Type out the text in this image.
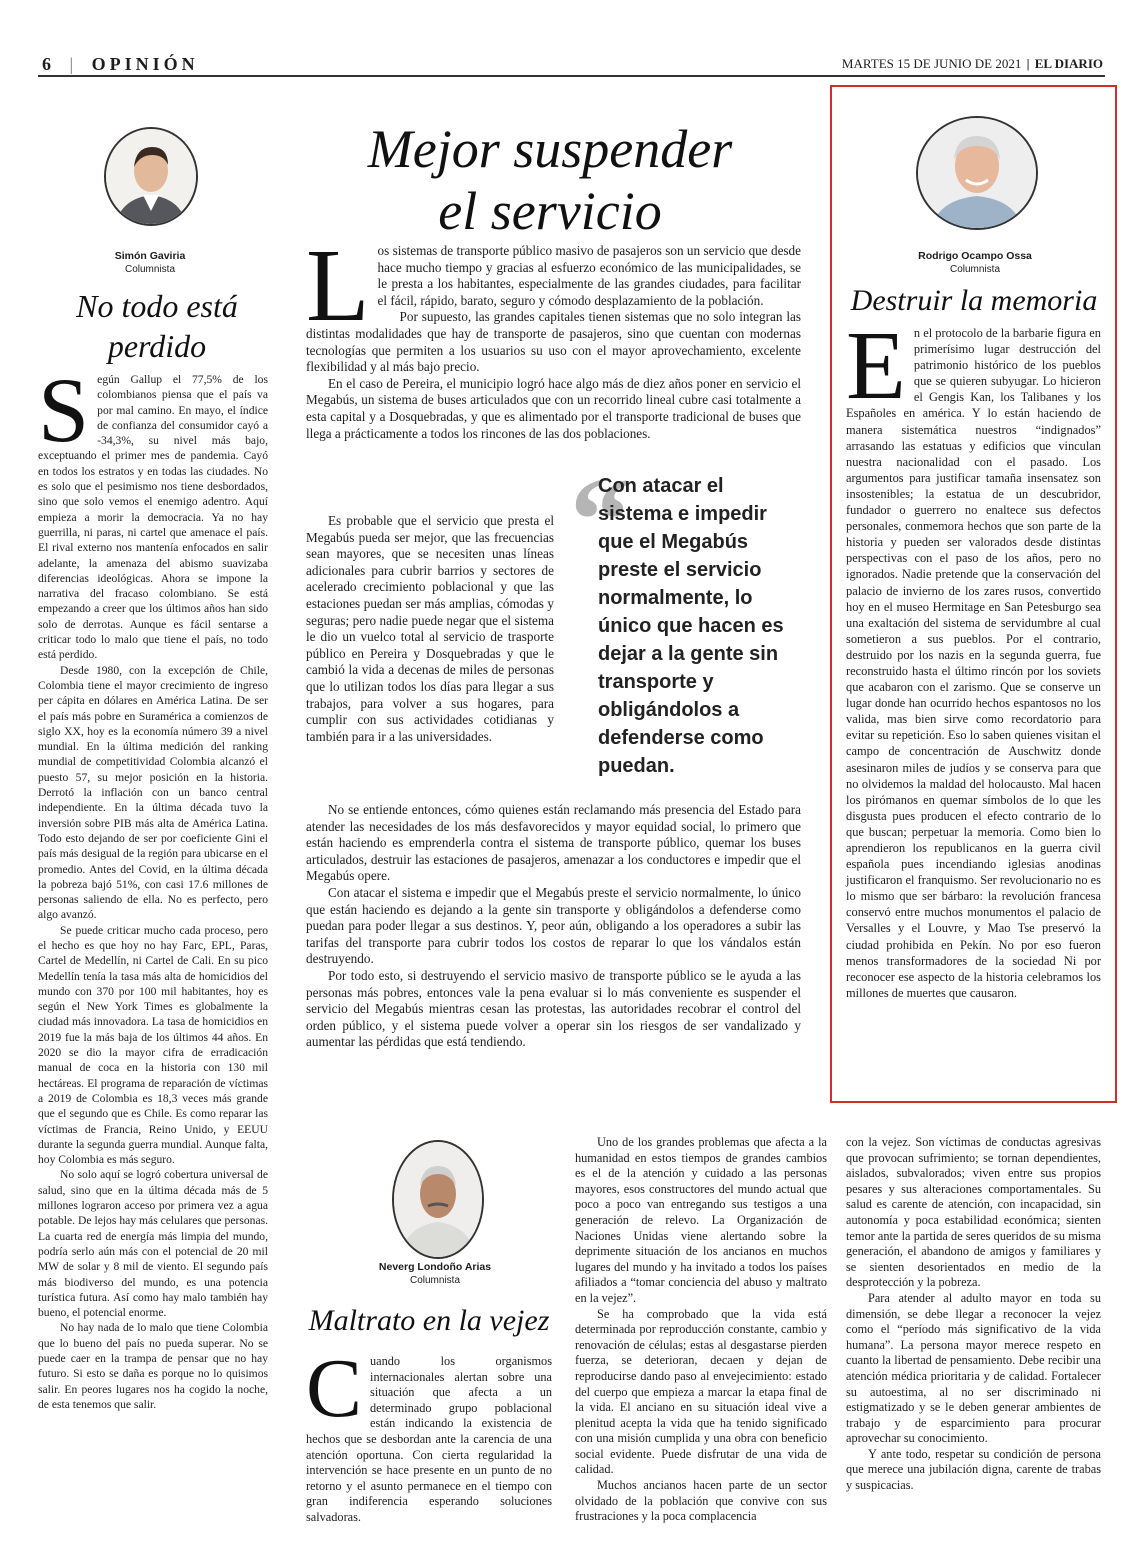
6 | OPINIÓN	MARTES 15 DE JUNIO DE 2021 | EL DIARIO
Simón Gaviria
Columnista
No todo está perdido

Según Gallup el 77,5% de los colombianos piensa que el país va por mal camino. En mayo, el índice de confianza del consumidor cayó a -34,3%, su nivel más bajo, exceptuando el primer mes de pandemia. Cayó en todos los estratos y en todas las ciudades. No es solo que el pesimismo nos tiene desbordados, sino que solo vemos el enemigo adentro. Aquí empieza a morir la democracia. Ya no hay guerrilla, ni paras, ni cartel que amenace el país. El rival externo nos mantenía enfocados en salir adelante, la amenaza del abismo suavizaba diferencias ideológicas. Ahora se impone la narrativa del fracaso colombiano. Se está empezando a creer que los últimos años han sido solo de derrotas. Aunque es fácil sentarse a criticar todo lo malo que tiene el país, no todo está perdido.

Desde 1980, con la excepción de Chile, Colombia tiene el mayor crecimiento de ingreso per cápita en dólares en América Latina. De ser el país más pobre en Suramérica a comienzos de siglo XX, hoy es la economía número 39 a nivel mundial. En la última medición del ranking mundial de competitividad Colombia alcanzó el puesto 57, su mejor posición en la historia. Derrotó la inflación con un banco central independiente. En la última década tuvo la inversión sobre PIB más alta de América Latina. Todo esto dejando de ser por coeficiente Gini el país más desigual de la región para ubicarse en el promedio. Antes del Covid, en la última década la pobreza bajó 51%, con casi 17.6 millones de personas saliendo de ella. No es perfecto, pero algo avanzó.

Se puede criticar mucho cada proceso, pero el hecho es que hoy no hay Farc, EPL, Paras, Cartel de Medellín, ni Cartel de Cali. En su pico Medellín tenía la tasa más alta de homicidios del mundo con 370 por 100 mil habitantes, hoy es según el New York Times es globalmente la ciudad más innovadora. La tasa de homicidios en 2019 fue la más baja de los últimos 44 años. En 2020 se dio la mayor cifra de erradicación manual de coca en la historia con 130 mil hectáreas. El programa de reparación de víctimas a 2019 de Colombia es 18,3 veces más grande que el segundo que es Chile. Es como reparar las víctimas de Francia, Reino Unido, y EEUU durante la segunda guerra mundial. Aunque falta, hoy Colombia es más seguro.

No solo aquí se logró cobertura universal de salud, sino que en la última década más de 5 millones lograron acceso por primera vez a agua potable. De lejos hay más celulares que personas. La cuarta red de energía más limpia del mundo, podría serlo aún más con el potencial de 20 mil MW de solar y 8 mil de viento. El segundo país más biodiverso del mundo, es una potencia turística futura. Así como hay malo también hay bueno, el potencial enorme.

No hay nada de lo malo que tiene Colombia que lo bueno del país no pueda superar. No se puede caer en la trampa de pensar que no hay futuro. Si esto se daña es porque no lo quisimos salir. En peores lugares nos ha cogido la noche, de esta tenemos que salir.

Mejor suspender
el servicio

Los sistemas de transporte público masivo de pasajeros son un servicio que desde hace mucho tiempo y gracias al esfuerzo económico de las municipalidades, se le presta a los habitantes, especialmente de las grandes ciudades, para facilitar el fácil, rápido, barato, seguro y cómodo desplazamiento de la población.

Por supuesto, las grandes capitales tienen sistemas que no solo integran las distintas modalidades que hay de transporte de pasajeros, sino que cuentan con modernas tecnologías que permiten a los usuarios su uso con el mayor aprovechamiento, excelente flexibilidad y al más bajo precio.

En el caso de Pereira, el municipio logró hace algo más de diez años poner en servicio el Megabús, un sistema de buses articulados que con un recorrido lineal cubre casi totalmente a esta capital y a Dosquebradas, y que es alimentado por el transporte tradicional de buses que llega a prácticamente a todos los rincones de las dos poblaciones.

Es probable que el servicio que presta el Megabús pueda ser mejor, que las frecuencias sean mayores, que se necesiten unas líneas adicionales para cubrir barrios y sectores de acelerado crecimiento poblacional y que las estaciones puedan ser más amplias, cómodas y seguras; pero nadie puede negar que el sistema le dio un vuelco total al servicio de trasporte público en Pereira y Dosquebradas y que le cambió la vida a decenas de miles de personas que lo utilizan todos los días para llegar a sus trabajos, para volver a sus hogares, para cumplir con sus actividades cotidianas y también para ir a las universidades.

“
Con atacar el sistema e impedir que el Megabús preste el servicio normalmente, lo único que hacen es dejar a la gente sin transporte y obligándolos a defenderse como puedan.

No se entiende entonces, cómo quienes están reclamando más presencia del Estado para atender las necesidades de los más desfavorecidos y mayor equidad social, lo primero que están haciendo es emprenderla contra el sistema de transporte público, quemar los buses articulados, destruir las estaciones de pasajeros, amenazar a los conductores e impedir que el Megabús opere.

Con atacar el sistema e impedir que el Megabús preste el servicio normalmente, lo único que están haciendo es dejando a la gente sin transporte y obligándolos a defenderse como puedan para poder llegar a sus destinos. Y, peor aún, obligando a los operadores a subir las tarifas del transporte para cubrir todos los costos de reparar lo que los vándalos están destruyendo.

Por todo esto, si destruyendo el servicio masivo de transporte público se le ayuda a las personas más pobres, entonces vale la pena evaluar si lo más conveniente es suspender el servicio del Megabús mientras cesan las protestas, las autoridades recobrar el control del orden público, y el sistema puede volver a operar sin los riesgos de ser vandalizado y aumentar las pérdidas que está tendiendo.

Rodrigo Ocampo Ossa
Columnista
Destruir la memoria

En el protocolo de la barbarie figura en primerísimo lugar destrucción del patrimonio histórico de los pueblos que se quieren subyugar. Lo hicieron el Gengis Kan, los Talibanes y los Españoles en américa. Y lo están haciendo de manera sistemática nuestros “indignados” arrasando las estatuas y edificios que vinculan nuestra nacionalidad con el pasado. Los argumentos para justificar tamaña insensatez son insostenibles; la estatua de un descubridor, fundador o guerrero no enaltece sus defectos personales, conmemora hechos que son parte de la historia y pueden ser valorados desde distintas perspectivas con el paso de los años, pero no ignorados. Nadie pretende que la conservación del palacio de invierno de los zares rusos, convertido hoy en el museo Hermitage en San Petesburgo sea una exaltación del sistema de servidumbre al cual sometieron a sus pueblos. Por el contrario, destruido por los nazis en la segunda guerra, fue reconstruido hasta el último rincón por los soviets que acabaron con el zarismo. Que se conserve un lugar donde han ocurrido hechos espantosos no los valida, mas bien sirve como recordatorio para evitar su repetición. Eso lo saben quienes visitan el campo de concentración de Auschwitz donde asesinaron miles de judíos y se conserva para que no olvidemos la maldad del holocausto. Mal hacen los pirómanos en quemar símbolos de lo que les disgusta pues producen el efecto contrario de lo que buscan; perpetuar la memoria. Como bien lo aprendieron los republicanos en la guerra civil española pues incendiando iglesias anodinas justificaron el franquismo. Ser revolucionario no es lo mismo que ser bárbaro: la revolución francesa conservó entre muchos monumentos el palacio de Versalles y el Louvre, y Mao Tse preservó la ciudad prohibida en Pekín. No por eso fueron menos transformadores de la sociedad Ni por reconocer ese aspecto de la historia celebramos los millones de muertes que causaron.

Neverg Londoño Arias
Columnista
Maltrato en la vejez

Cuando los organismos internacionales alertan sobre una situación que afecta a un determinado grupo poblacional están indicando la existencia de hechos que se desbordan ante la carencia de una atención oportuna. Con cierta regularidad la intervención se hace presente en un punto de no retorno y el asunto permanece en el tiempo con gran indiferencia esperando soluciones salvadoras.

Uno de los grandes problemas que afecta a la humanidad en estos tiempos de grandes cambios es el de la atención y cuidado a las personas mayores, esos constructores del mundo actual que poco a poco van entregando sus testigos a una generación de relevo. La Organización de Naciones Unidas viene alertando sobre la deprimente situación de los ancianos en muchos lugares del mundo y ha invitado a todos los países afiliados a “tomar conciencia del abuso y maltrato en la vejez”.

Se ha comprobado que la vida está determinada por reproducción constante, cambio y renovación de células; estas al desgastarse pierden fuerza, se deterioran, decaen y dejan de reproducirse dando paso al envejecimiento: estado del cuerpo que empieza a marcar la etapa final de la vida. El anciano en su situación ideal vive a plenitud acepta la vida que ha tenido significado con una misión cumplida y una obra con beneficio social evidente. Puede disfrutar de una vida de calidad.

Muchos ancianos hacen parte de un sector olvidado de la población que convive con sus frustraciones y la poca complacencia

con la vejez. Son víctimas de conductas agresivas que provocan sufrimiento; se tornan dependientes, aislados, subvalorados; viven entre sus propios pesares y sus alteraciones comportamentales. Su salud es carente de atención, con incapacidad, sin autonomía y poca estabilidad económica; sienten temor ante la partida de seres queridos de su misma generación, el abandono de amigos y familiares y se sienten desorientados en medio de la desprotección y la pobreza.

Para atender al adulto mayor en toda su dimensión, se debe llegar a reconocer la vejez como el “período más significativo de la vida humana”. La persona mayor merece respeto en cuanto la libertad de pensamiento. Debe recibir una atención médica prioritaria y de calidad. Fortalecer su autoestima, al no ser discriminado ni estigmatizado y se le deben generar ambientes de trabajo y de esparcimiento para procurar aprovechar su conocimiento.

Y ante todo, respetar su condición de persona que merece una jubilación digna, carente de trabas y suspicacias.
